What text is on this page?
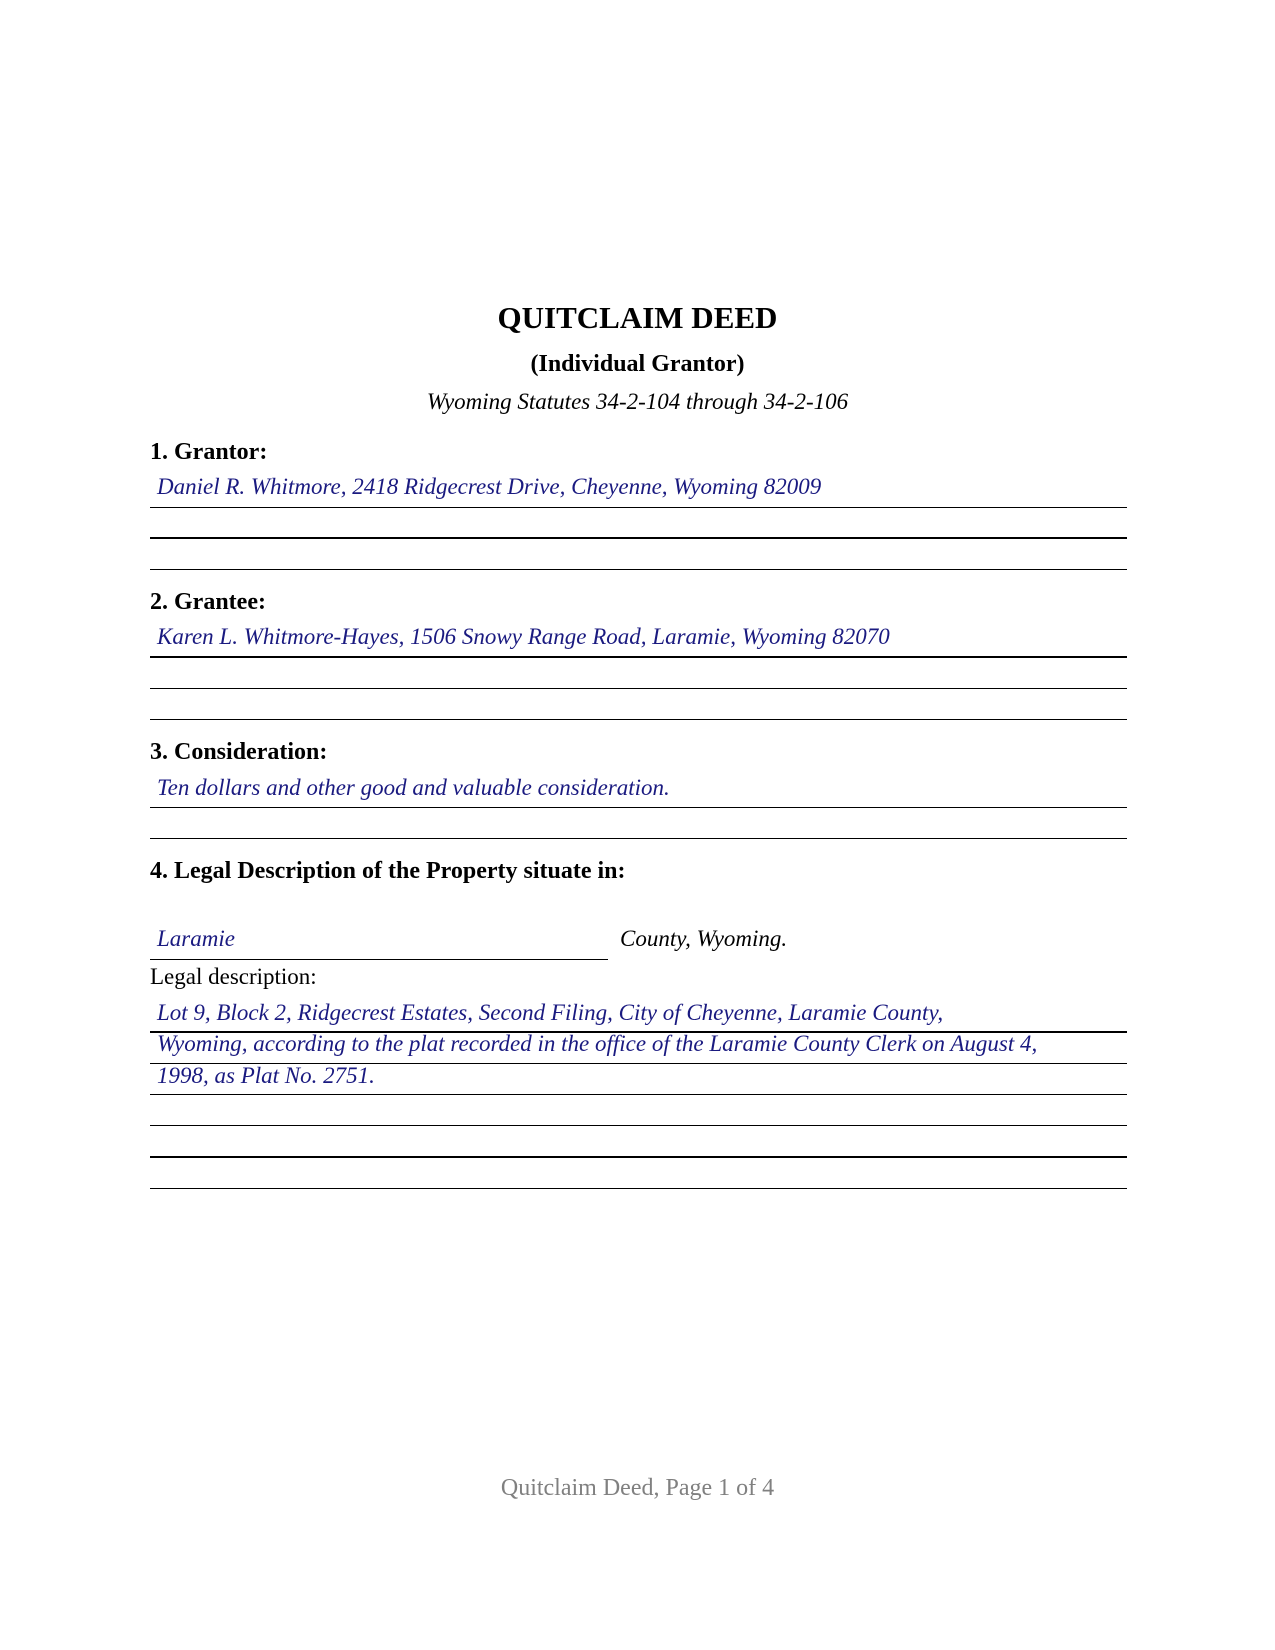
QUITCLAIM DEED
(Individual Grantor)
Wyoming Statutes 34-2-104 through 34-2-106
1. Grantor:
Daniel R. Whitmore, 2418 Ridgecrest Drive, Cheyenne, Wyoming 82009
2. Grantee:
Karen L. Whitmore-Hayes, 1506 Snowy Range Road, Laramie, Wyoming 82070
3. Consideration:
Ten dollars and other good and valuable consideration.
4. Legal Description of the Property situate in:
Laramie	County, Wyoming.
Legal description:
Lot 9, Block 2, Ridgecrest Estates, Second Filing, City of Cheyenne, Laramie County,
Wyoming, according to the plat recorded in the office of the Laramie County Clerk on August 4,
1998, as Plat No. 2751.
Quitclaim Deed, Page 1 of 4
